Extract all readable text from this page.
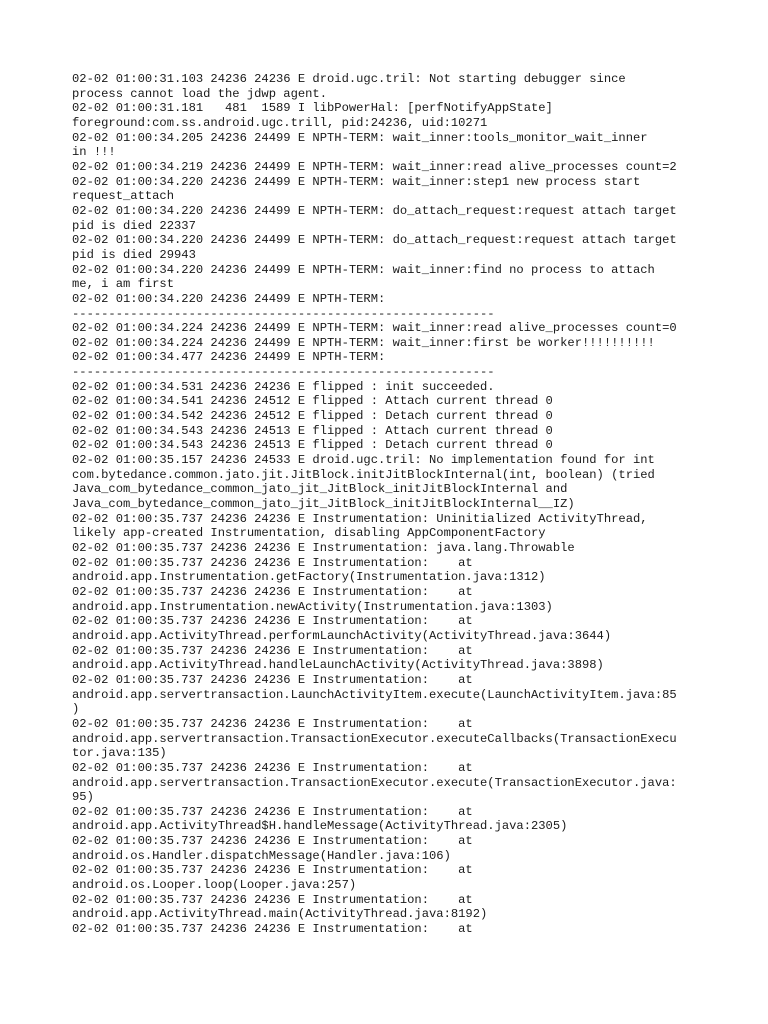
02-02 01:00:31.103 24236 24236 E droid.ugc.tril: Not starting debugger since
process cannot load the jdwp agent.
02-02 01:00:31.181   481  1589 I libPowerHal: [perfNotifyAppState]
foreground:com.ss.android.ugc.trill, pid:24236, uid:10271
02-02 01:00:34.205 24236 24499 E NPTH-TERM: wait_inner:tools_monitor_wait_inner
in !!!
02-02 01:00:34.219 24236 24499 E NPTH-TERM: wait_inner:read alive_processes count=2
02-02 01:00:34.220 24236 24499 E NPTH-TERM: wait_inner:step1 new process start
request_attach
02-02 01:00:34.220 24236 24499 E NPTH-TERM: do_attach_request:request attach target
pid is died 22337
02-02 01:00:34.220 24236 24499 E NPTH-TERM: do_attach_request:request attach target
pid is died 29943
02-02 01:00:34.220 24236 24499 E NPTH-TERM: wait_inner:find no process to attach
me, i am first
02-02 01:00:34.220 24236 24499 E NPTH-TERM:
----------------------------------------------------------
02-02 01:00:34.224 24236 24499 E NPTH-TERM: wait_inner:read alive_processes count=0
02-02 01:00:34.224 24236 24499 E NPTH-TERM: wait_inner:first be worker!!!!!!!!!!
02-02 01:00:34.477 24236 24499 E NPTH-TERM:
----------------------------------------------------------
02-02 01:00:34.531 24236 24236 E flipped : init succeeded.
02-02 01:00:34.541 24236 24512 E flipped : Attach current thread 0
02-02 01:00:34.542 24236 24512 E flipped : Detach current thread 0
02-02 01:00:34.543 24236 24513 E flipped : Attach current thread 0
02-02 01:00:34.543 24236 24513 E flipped : Detach current thread 0
02-02 01:00:35.157 24236 24533 E droid.ugc.tril: No implementation found for int
com.bytedance.common.jato.jit.JitBlock.initJitBlockInternal(int, boolean) (tried
Java_com_bytedance_common_jato_jit_JitBlock_initJitBlockInternal and
Java_com_bytedance_common_jato_jit_JitBlock_initJitBlockInternal__IZ)
02-02 01:00:35.737 24236 24236 E Instrumentation: Uninitialized ActivityThread,
likely app-created Instrumentation, disabling AppComponentFactory
02-02 01:00:35.737 24236 24236 E Instrumentation: java.lang.Throwable
02-02 01:00:35.737 24236 24236 E Instrumentation:    at
android.app.Instrumentation.getFactory(Instrumentation.java:1312)
02-02 01:00:35.737 24236 24236 E Instrumentation:    at
android.app.Instrumentation.newActivity(Instrumentation.java:1303)
02-02 01:00:35.737 24236 24236 E Instrumentation:    at
android.app.ActivityThread.performLaunchActivity(ActivityThread.java:3644)
02-02 01:00:35.737 24236 24236 E Instrumentation:    at
android.app.ActivityThread.handleLaunchActivity(ActivityThread.java:3898)
02-02 01:00:35.737 24236 24236 E Instrumentation:    at
android.app.servertransaction.LaunchActivityItem.execute(LaunchActivityItem.java:85
)
02-02 01:00:35.737 24236 24236 E Instrumentation:    at
android.app.servertransaction.TransactionExecutor.executeCallbacks(TransactionExecu
tor.java:135)
02-02 01:00:35.737 24236 24236 E Instrumentation:    at
android.app.servertransaction.TransactionExecutor.execute(TransactionExecutor.java:
95)
02-02 01:00:35.737 24236 24236 E Instrumentation:    at
android.app.ActivityThread$H.handleMessage(ActivityThread.java:2305)
02-02 01:00:35.737 24236 24236 E Instrumentation:    at
android.os.Handler.dispatchMessage(Handler.java:106)
02-02 01:00:35.737 24236 24236 E Instrumentation:    at
android.os.Looper.loop(Looper.java:257)
02-02 01:00:35.737 24236 24236 E Instrumentation:    at
android.app.ActivityThread.main(ActivityThread.java:8192)
02-02 01:00:35.737 24236 24236 E Instrumentation:    at
